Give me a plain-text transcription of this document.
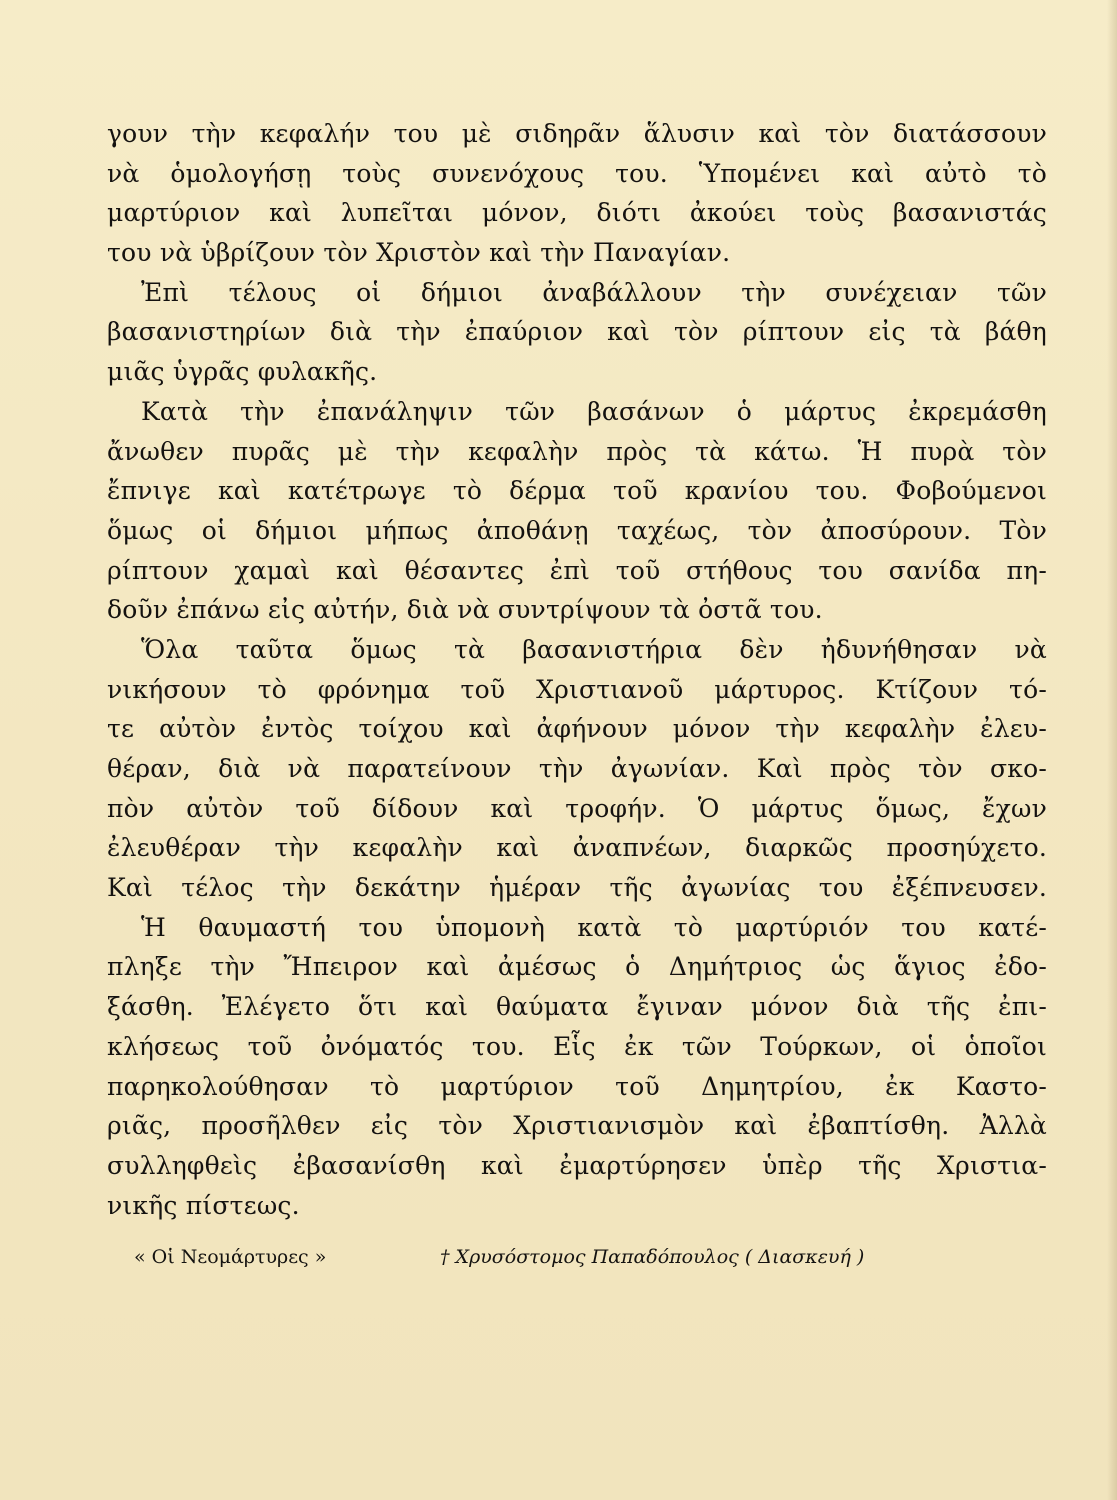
γουν τὴν κεφαλήν του μὲ σιδηρᾶν ἅλυσιν καὶ τὸν διατάσσουν
νὰ ὁμολογήσῃ τοὺς συνενόχους του. Ὑπομένει καὶ αὐτὸ τὸ
μαρτύριον καὶ λυπεῖται μόνον, διότι ἀκούει τοὺς βασανιστάς
του νὰ ὑβρίζουν τὸν Χριστὸν καὶ τὴν Παναγίαν.
Ἐπὶ τέλους οἱ δήμιοι ἀναβάλλουν τὴν συνέχειαν τῶν
βασανιστηρίων διὰ τὴν ἐπαύριον καὶ τὸν ρίπτουν εἰς τὰ βάθη
μιᾶς ὑγρᾶς φυλακῆς.
Κατὰ τὴν ἐπανάληψιν τῶν βασάνων ὁ μάρτυς ἐκρεμάσθη
ἄνωθεν πυρᾶς μὲ τὴν κεφαλὴν πρὸς τὰ κάτω. Ἡ πυρὰ τὸν
ἔπνιγε καὶ κατέτρωγε τὸ δέρμα τοῦ κρανίου του. Φοβούμενοι
ὅμως οἱ δήμιοι μήπως ἀποθάνῃ ταχέως, τὸν ἀποσύρουν. Τὸν
ρίπτουν χαμαὶ καὶ θέσαντες ἐπὶ τοῦ στήθους του σανίδα πη-
δοῦν ἐπάνω εἰς αὐτήν, διὰ νὰ συντρίψουν τὰ ὀστᾶ του.
Ὅλα ταῦτα ὅμως τὰ βασανιστήρια δὲν ἠδυνήθησαν νὰ
νικήσουν τὸ φρόνημα τοῦ Χριστιανοῦ μάρτυρος. Κτίζουν τό-
τε αὐτὸν ἐντὸς τοίχου καὶ ἀφήνουν μόνον τὴν κεφαλὴν ἐλευ-
θέραν, διὰ νὰ παρατείνουν τὴν ἀγωνίαν. Καὶ πρὸς τὸν σκο-
πὸν αὐτὸν τοῦ δίδουν καὶ τροφήν. Ὁ μάρτυς ὅμως, ἔχων
ἐλευθέραν τὴν κεφαλὴν καὶ ἀναπνέων, διαρκῶς προσηύχετο.
Καὶ τέλος τὴν δεκάτην ἡμέραν τῆς ἀγωνίας του ἐξέπνευσεν.
Ἡ θαυμαστή του ὑπομονὴ κατὰ τὸ μαρτύριόν του κατέ-
πληξε τὴν Ἤπειρον καὶ ἀμέσως ὁ Δημήτριος ὡς ἅγιος ἐδο-
ξάσθη. Ἐλέγετο ὅτι καὶ θαύματα ἔγιναν μόνον διὰ τῆς ἐπι-
κλήσεως τοῦ ὀνόματός του. Εἷς ἐκ τῶν Τούρκων, οἱ ὁποῖοι
παρηκολούθησαν τὸ μαρτύριον τοῦ Δημητρίου, ἐκ Καστο-
ριᾶς, προσῆλθεν εἰς τὸν Χριστιανισμὸν καὶ ἐβαπτίσθη. Ἀλλὰ
συλληφθεὶς ἐβασανίσθη καὶ ἐμαρτύρησεν ὑπὲρ τῆς Χριστια-
νικῆς πίστεως.
« Οἱ Νεομάρτυρες »	† Χρυσόστομος Παπαδόπουλος ( Διασκευή )
